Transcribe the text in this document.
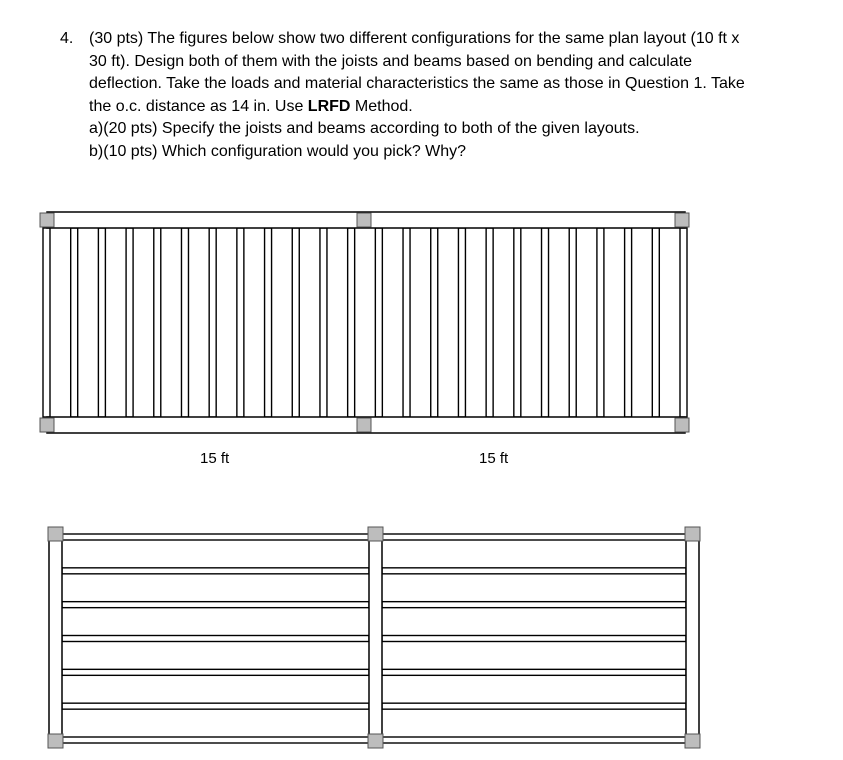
4. (30 pts) The figures below show two different configurations for the same plan layout (10 ft x
30 ft). Design both of them with the joists and beams based on bending and calculate
deflection. Take the loads and material characteristics the same as those in Question 1. Take
the o.c. distance as 14 in. Use LRFD Method.
a)(20 pts) Specify the joists and beams according to both of the given layouts.
b)(10 pts) Which configuration would you pick? Why?
15 ft	15 ft
